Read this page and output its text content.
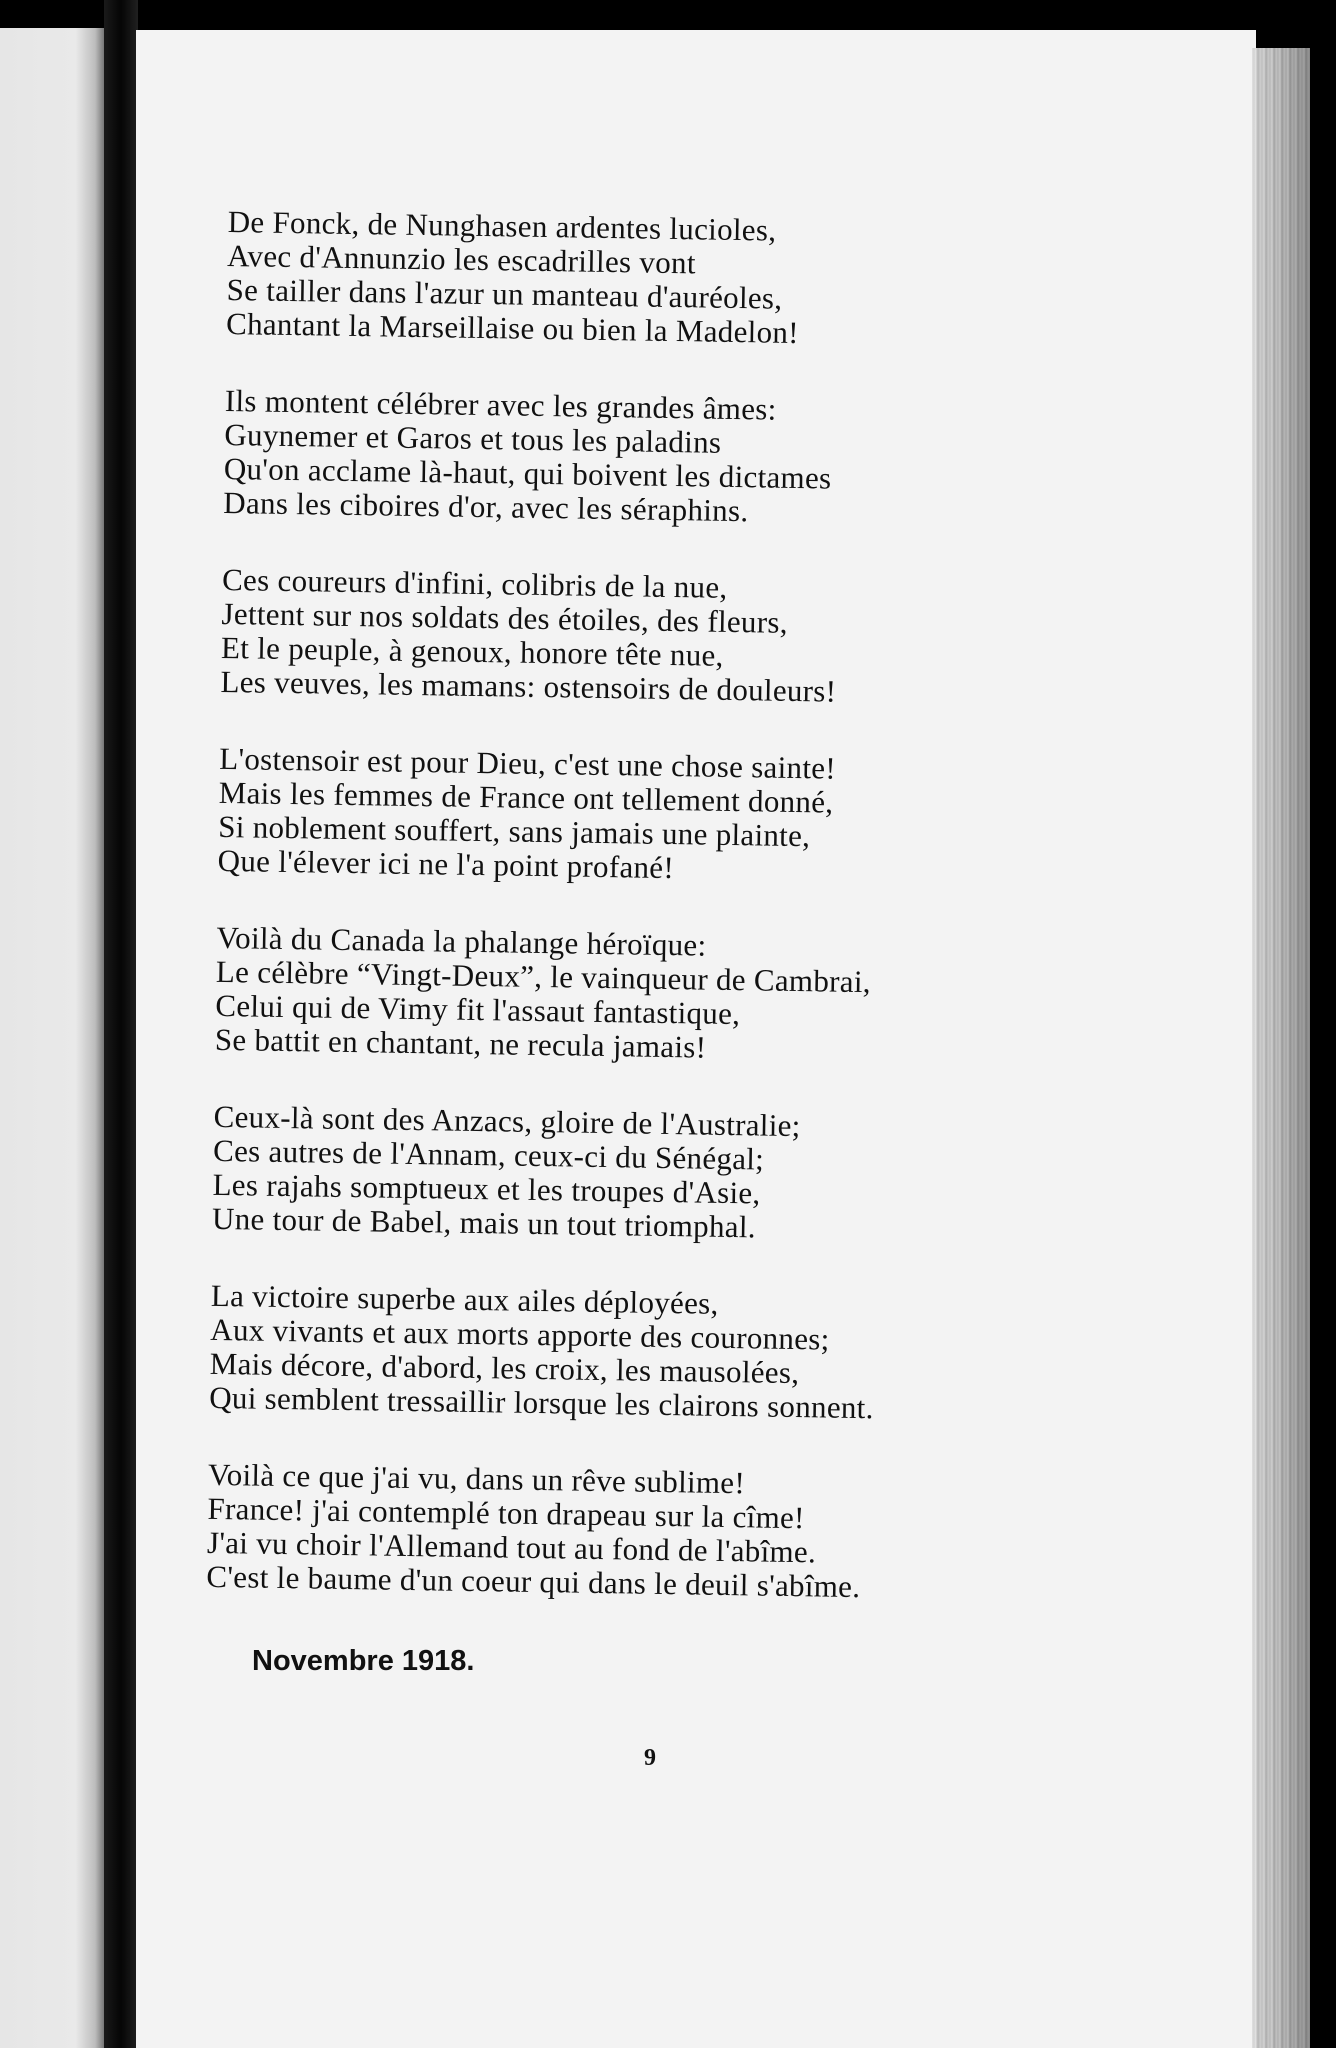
De Fonck, de Nunghasen ardentes lucioles,
Avec d'Annunzio les escadrilles vont
Se tailler dans l'azur un manteau d'auréoles,
Chantant la Marseillaise ou bien la Madelon!
Ils montent célébrer avec les grandes âmes:
Guynemer et Garos et tous les paladins
Qu'on acclame là-haut, qui boivent les dictames
Dans les ciboires d'or, avec les séraphins.
Ces coureurs d'infini, colibris de la nue,
Jettent sur nos soldats des étoiles, des fleurs,
Et le peuple, à genoux, honore tête nue,
Les veuves, les mamans: ostensoirs de douleurs!
L'ostensoir est pour Dieu, c'est une chose sainte!
Mais les femmes de France ont tellement donné,
Si noblement souffert, sans jamais une plainte,
Que l'élever ici ne l'a point profané!
Voilà du Canada la phalange héroïque:
Le célèbre “Vingt-Deux”, le vainqueur de Cambrai,
Celui qui de Vimy fit l'assaut fantastique,
Se battit en chantant, ne recula jamais!
Ceux-là sont des Anzacs, gloire de l'Australie;
Ces autres de l'Annam, ceux-ci du Sénégal;
Les rajahs somptueux et les troupes d'Asie,
Une tour de Babel, mais un tout triomphal.
La victoire superbe aux ailes déployées,
Aux vivants et aux morts apporte des couronnes;
Mais décore, d'abord, les croix, les mausolées,
Qui semblent tressaillir lorsque les clairons sonnent.
Voilà ce que j'ai vu, dans un rêve sublime!
France! j'ai contemplé ton drapeau sur la cîme!
J'ai vu choir l'Allemand tout au fond de l'abîme.
C'est le baume d'un coeur qui dans le deuil s'abîme.
Novembre 1918.
9
